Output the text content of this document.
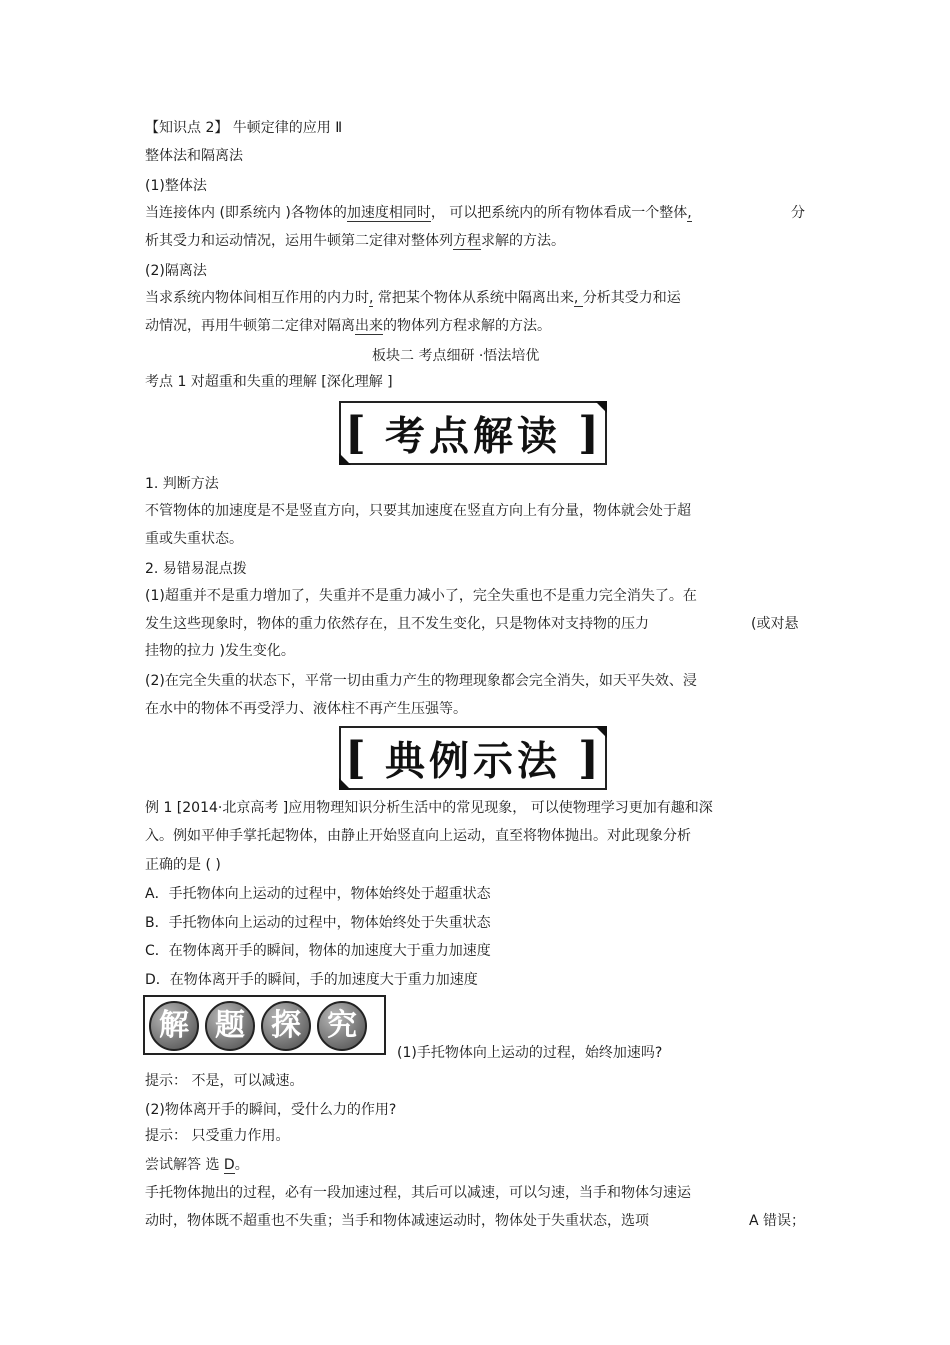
【知识点 2】 牛顿定律的应用 Ⅱ
整体法和隔离法
(1)整体法
当连接体内 (即系统内 )各物体的加速度相同时， 可以把系统内的所有物体看成一个整体,	分
析其受力和运动情况，运用牛顿第二定律对整体列方程求解的方法。
(2)隔离法
当求系统内物体间相互作用的内力时, 常把某个物体从系统中隔离出来, 分析其受力和运
动情况，再用牛顿第二定律对隔离出来的物体列方程求解的方法。
板块二 考点细研 ·悟法培优
考点 1 对超重和失重的理解 [深化理解 ]
[ 考点解读 ]
1. 判断方法
不管物体的加速度是不是竖直方向，只要其加速度在竖直方向上有分量，物体就会处于超
重或失重状态。
2. 易错易混点拨
(1)超重并不是重力增加了，失重并不是重力减小了，完全失重也不是重力完全消失了。在
发生这些现象时，物体的重力依然存在，且不发生变化，只是物体对支持物的压力	(或对悬
挂物的拉力 )发生变化。
(2)在完全失重的状态下，平常一切由重力产生的物理现象都会完全消失，如天平失效、浸
在水中的物体不再受浮力、液体柱不再产生压强等。
[ 典例示法 ]
例 1 [2014·北京高考 ]应用物理知识分析生活中的常见现象， 可以使物理学习更加有趣和深
入。例如平伸手掌托起物体，由静止开始竖直向上运动，直至将物体抛出。对此现象分析
正确的是 ( )
A．手托物体向上运动的过程中，物体始终处于超重状态
B．手托物体向上运动的过程中，物体始终处于失重状态
C．在物体离开手的瞬间，物体的加速度大于重力加速度
D．在物体离开手的瞬间，手的加速度大于重力加速度
解 题 探 究
(1)手托物体向上运动的过程，始终加速吗?
提示： 不是，可以减速。
(2)物体离开手的瞬间，受什么力的作用?
提示： 只受重力作用。
尝试解答 选 D。
手托物体抛出的过程，必有一段加速过程，其后可以减速，可以匀速，当手和物体匀速运
动时，物体既不超重也不失重；当手和物体减速运动时，物体处于失重状态，选项	A 错误；
